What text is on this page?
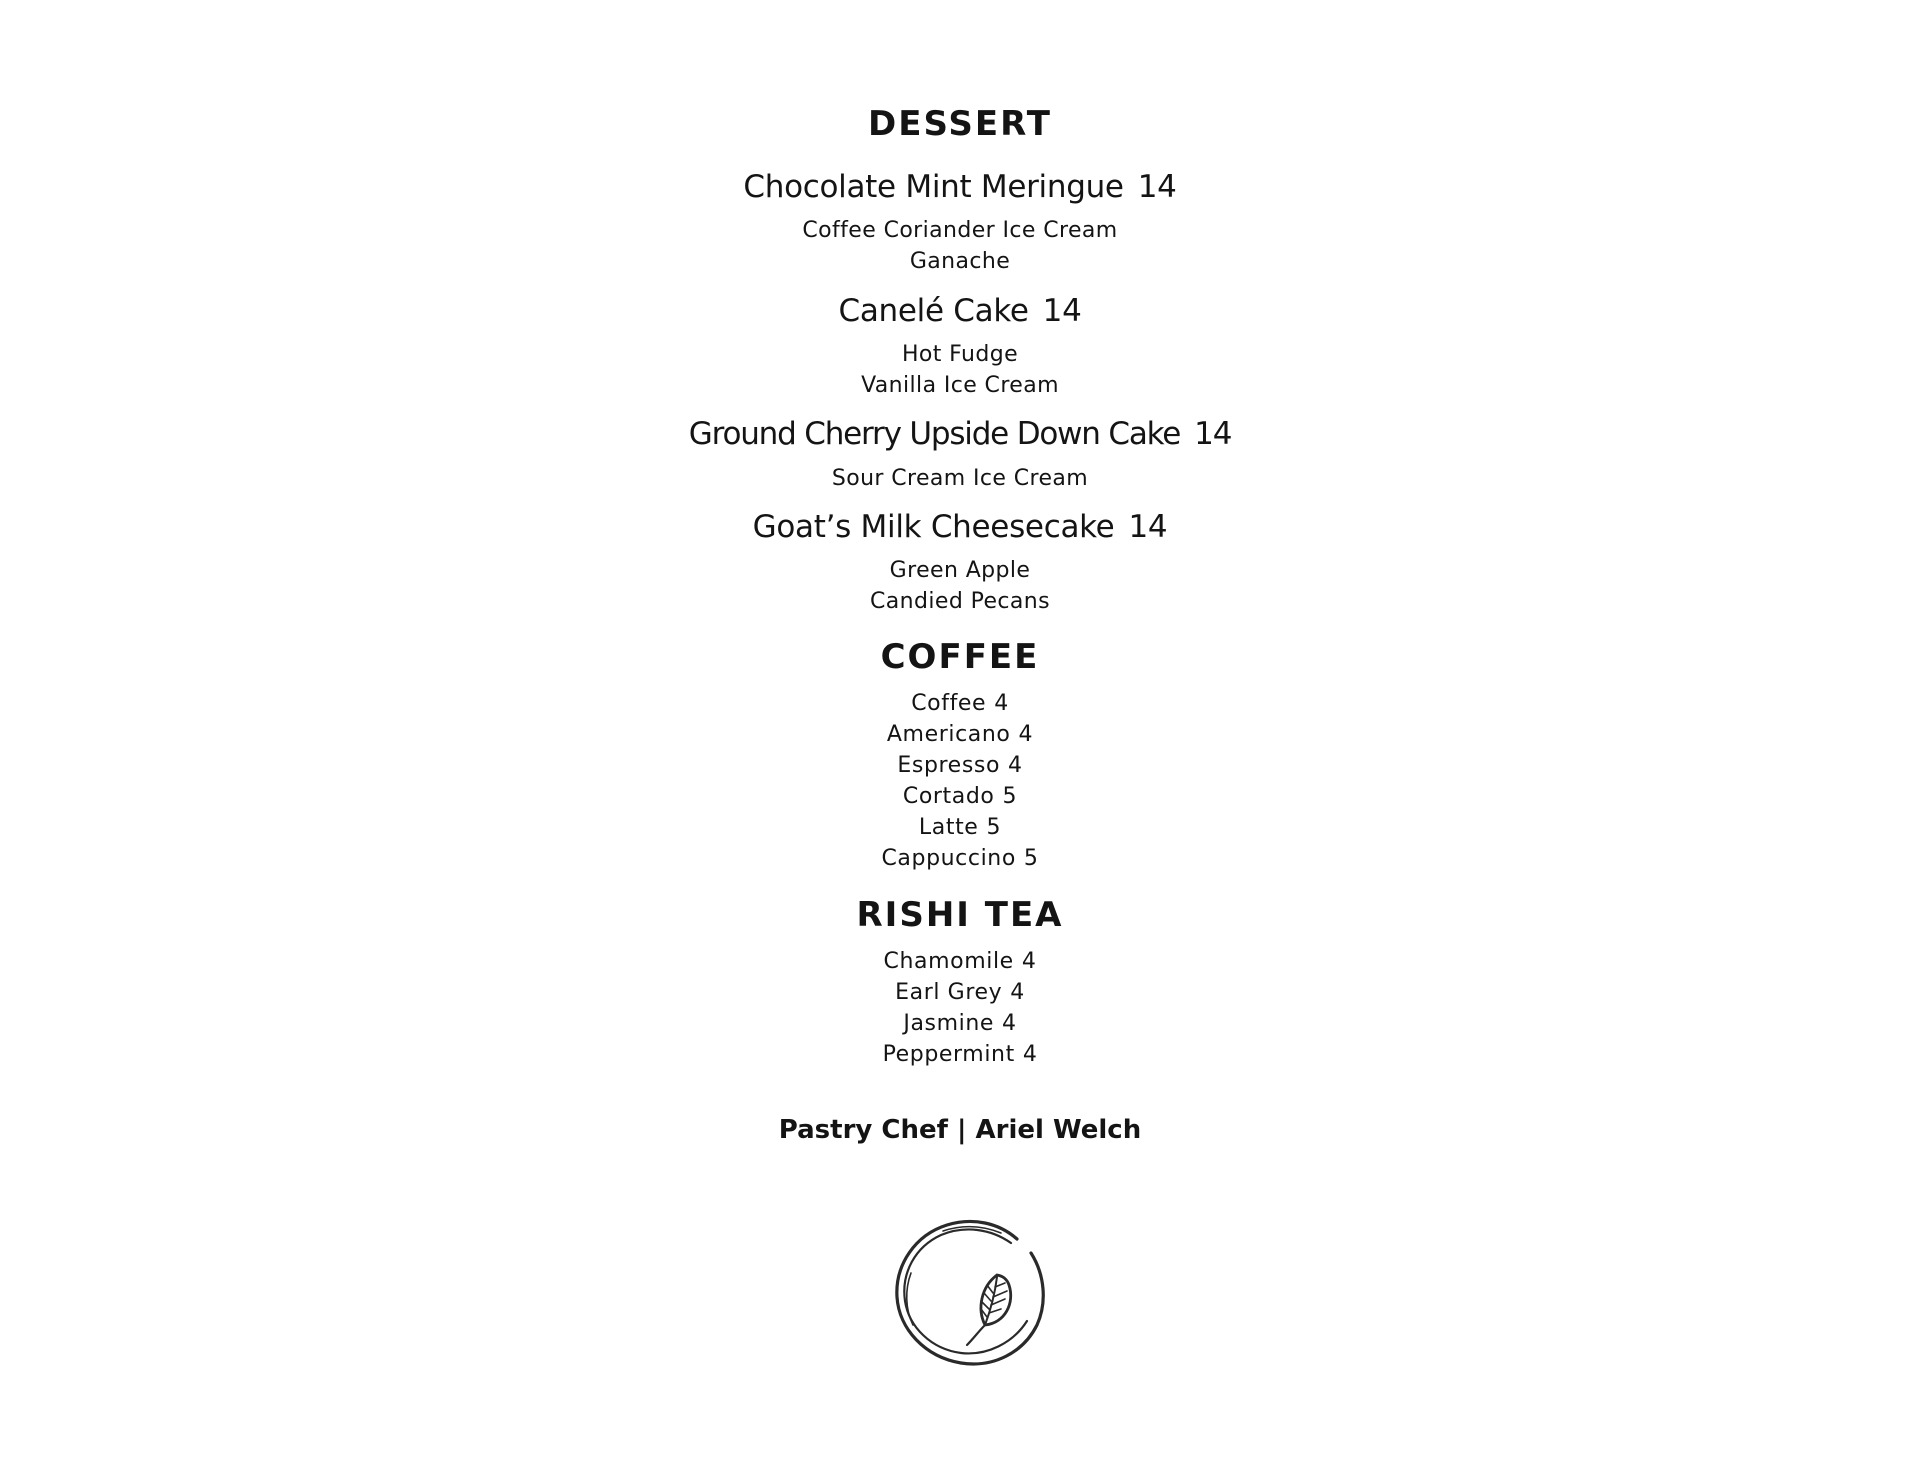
DESSERT
Chocolate Mint Meringue 14
Coffee Coriander Ice Cream
Ganache
Canelé Cake 14
Hot Fudge
Vanilla Ice Cream
Ground Cherry Upside Down Cake 14
Sour Cream Ice Cream
Goat’s Milk Cheesecake 14
Green Apple
Candied Pecans
COFFEE
Coffee 4
Americano 4
Espresso 4
Cortado 5
Latte 5
Cappuccino 5
RISHI TEA
Chamomile 4
Earl Grey 4
Jasmine 4
Peppermint 4
Pastry Chef | Ariel Welch
